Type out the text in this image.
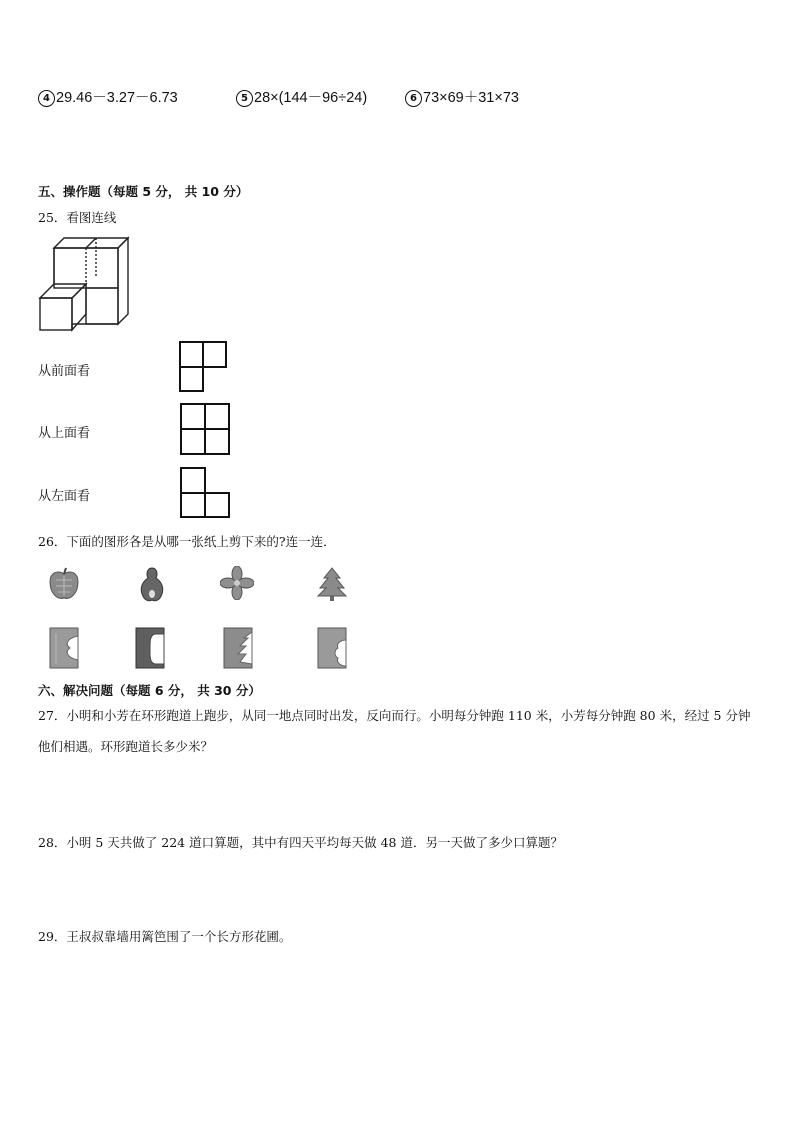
4 29.46－3.27－6.73	5 28×(144－96÷24)	6 73×69＋31×73
五、操作题（每题 5 分， 共 10 分）
25．看图连线
从前面看
从上面看
从左面看
26．下面的图形各是从哪一张纸上剪下来的?连一连．
六、解决问题（每题 6 分， 共 30 分）
27．小明和小芳在环形跑道上跑步，从同一地点同时出发，反向而行。小明每分钟跑 110 米，小芳每分钟跑 80 米，经过 5 分钟他们相遇。环形跑道长多少米？
28．小明 5 天共做了 224 道口算题，其中有四天平均每天做 48 道．另一天做了多少口算题？
29．王叔叔靠墙用篱笆围了一个长方形花圃。
